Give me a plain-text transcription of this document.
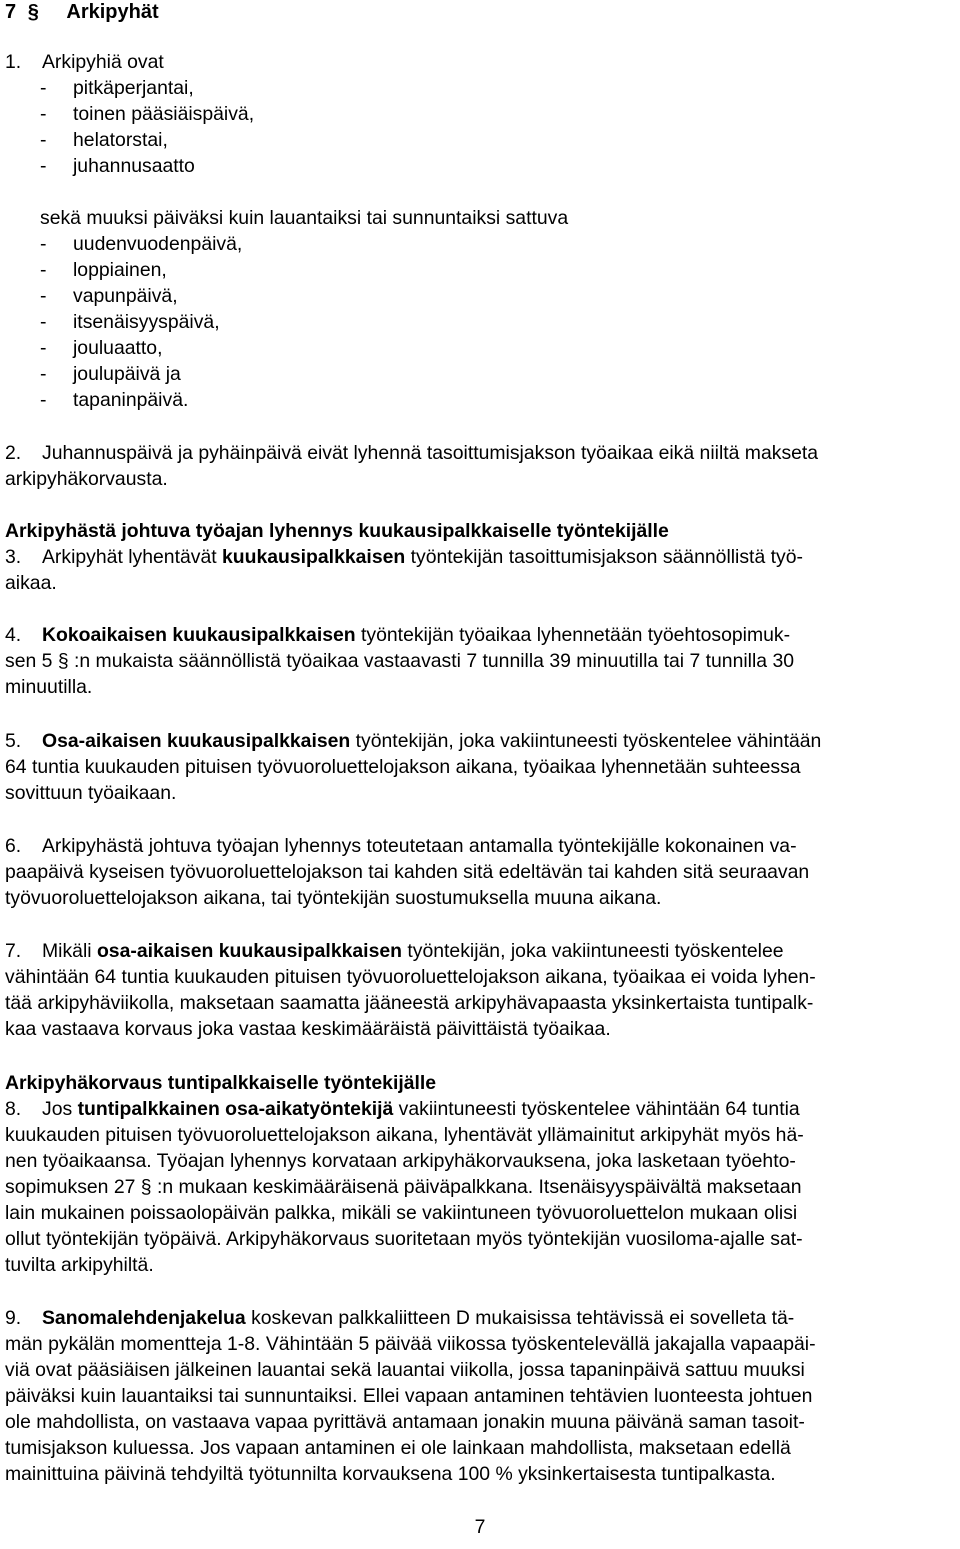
7 § Arkipyhät
1. Arkipyhiä ovat
- pitkäperjantai,
- toinen pääsiäispäivä,
- helatorstai,
- juhannusaatto
sekä muuksi päiväksi kuin lauantaiksi tai sunnuntaiksi sattuva
- uudenvuodenpäivä,
- loppiainen,
- vapunpäivä,
- itsenäisyyspäivä,
- jouluaatto,
- joulupäivä ja
- tapaninpäivä.
2. Juhannuspäivä ja pyhäinpäivä eivät lyhennä tasoittumisjakson työaikaa eikä niiltä makseta
arkipyhäkorvausta.
Arkipyhästä johtuva työajan lyhennys kuukausipalkkaiselle työntekijälle
3. Arkipyhät lyhentävät kuukausipalkkaisen työntekijän tasoittumisjakson säännöllistä työ-
aikaa.
4. Kokoaikaisen kuukausipalkkaisen työntekijän työaikaa lyhennetään työehtosopimuk-
sen 5 § :n mukaista säännöllistä työaikaa vastaavasti 7 tunnilla 39 minuutilla tai 7 tunnilla 30
minuutilla.
5. Osa-aikaisen kuukausipalkkaisen työntekijän, joka vakiintuneesti työskentelee vähintään
64 tuntia kuukauden pituisen työvuoroluettelojakson aikana, työaikaa lyhennetään suhteessa
sovittuun työaikaan.
6. Arkipyhästä johtuva työajan lyhennys toteutetaan antamalla työntekijälle kokonainen va-
paapäivä kyseisen työvuoroluettelojakson tai kahden sitä edeltävän tai kahden sitä seuraavan
työvuoroluettelojakson aikana, tai työntekijän suostumuksella muuna aikana.
7. Mikäli osa-aikaisen kuukausipalkkaisen työntekijän, joka vakiintuneesti työskentelee
vähintään 64 tuntia kuukauden pituisen työvuoroluettelojakson aikana, työaikaa ei voida lyhen-
tää arkipyhäviikolla, maksetaan saamatta jääneestä arkipyhävapaasta yksinkertaista tuntipalk-
kaa vastaava korvaus joka vastaa keskimääräistä päivittäistä työaikaa.
Arkipyhäkorvaus tuntipalkkaiselle työntekijälle
8. Jos tuntipalkkainen osa-aikatyöntekijä vakiintuneesti työskentelee vähintään 64 tuntia
kuukauden pituisen työvuoroluettelojakson aikana, lyhentävät yllämainitut arkipyhät myös hä-
nen työaikaansa. Työajan lyhennys korvataan arkipyhäkorvauksena, joka lasketaan työehto-
sopimuksen 27 § :n mukaan keskimääräisenä päiväpalkkana. Itsenäisyyspäivältä maksetaan
lain mukainen poissaolopäivän palkka, mikäli se vakiintuneen työvuoroluettelon mukaan olisi
ollut työntekijän työpäivä. Arkipyhäkorvaus suoritetaan myös työntekijän vuosiloma-ajalle sat-
tuvilta arkipyhiltä.
9. Sanomalehdenjakelua koskevan palkkaliitteen D mukaisissa tehtävissä ei sovelleta tä-
män pykälän momentteja 1-8. Vähintään 5 päivää viikossa työskentelevällä jakajalla vapaapäi-
viä ovat pääsiäisen jälkeinen lauantai sekä lauantai viikolla, jossa tapaninpäivä sattuu muuksi
päiväksi kuin lauantaiksi tai sunnuntaiksi. Ellei vapaan antaminen tehtävien luonteesta johtuen
ole mahdollista, on vastaava vapaa pyrittävä antamaan jonakin muuna päivänä saman tasoit-
tumisjakson kuluessa. Jos vapaan antaminen ei ole lainkaan mahdollista, maksetaan edellä
mainittuina päivinä tehdyiltä työtunnilta korvauksena 100 % yksinkertaisesta tuntipalkasta.
7
